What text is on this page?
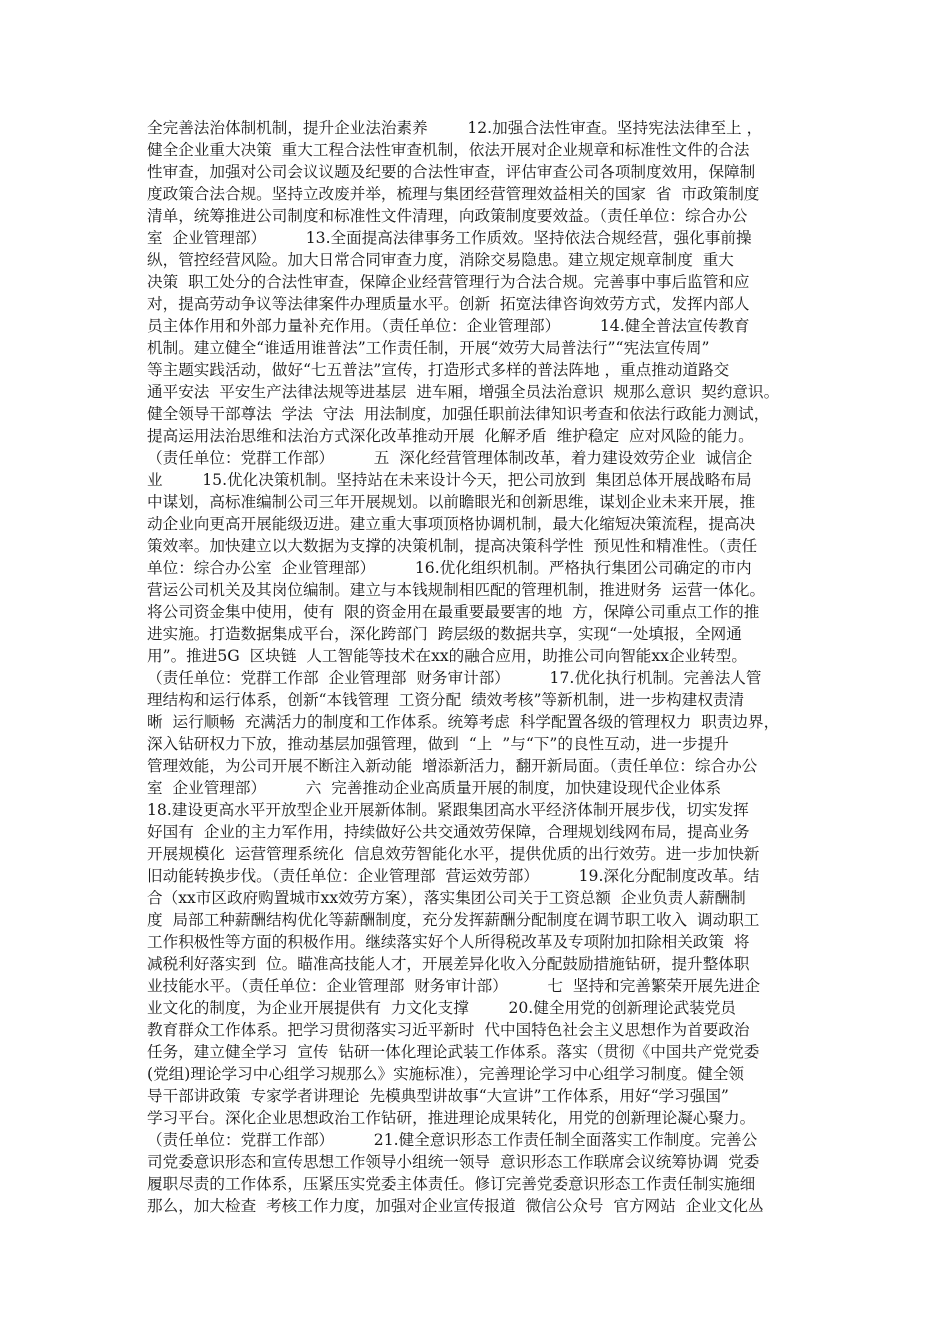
全完善法治体制机制，提升企业法治素养        12.加强合法性审查。坚持宪法法律至上 ，
健全企业重大决策  重大工程合法性审查机制，依法开展对企业规章和标准性文件的合法
性审查，加强对公司会议议题及纪要的合法性审查，评估审查公司各项制度效用，保障制
度政策合法合规。坚持立改废并举，梳理与集团经营管理效益相关的国家  省  市政策制度
清单，统筹推进公司制度和标准性文件清理，向政策制度要效益。（责任单位：综合办公
室  企业管理部）        13.全面提高法律事务工作质效。坚持依法合规经营，强化事前操
纵，管控经营风险。加大日常合同审查力度，消除交易隐患。建立规定规章制度  重大
决策  职工处分的合法性审查，保障企业经营管理行为合法合规。完善事中事后监管和应
对，提高劳动争议等法律案件办理质量水平。创新  拓宽法律咨询效劳方式，发挥内部人
员主体作用和外部力量补充作用。（责任单位：企业管理部）        14.健全普法宣传教育
机制。建立健全“谁适用谁普法”工作责任制，开展“效劳大局普法行”“宪法宣传周”
等主题实践活动，做好“七五普法”宣传，打造形式多样的普法阵地 ，重点推动道路交
通平安法  平安生产法律法规等进基层  进车厢，增强全员法治意识  规那么意识  契约意识。
健全领导干部尊法  学法  守法  用法制度，加强任职前法律知识考查和依法行政能力测试，
提高运用法治思维和法治方式深化改革推动开展  化解矛盾  维护稳定  应对风险的能力。
（责任单位：党群工作部）        五  深化经营管理体制改革，着力建设效劳企业  诚信企
业        15.优化决策机制。坚持站在未来设计今天，把公司放到  集团总体开展战略布局
中谋划，高标准编制公司三年开展规划。以前瞻眼光和创新思维，谋划企业未来开展，推
动企业向更高开展能级迈进。建立重大事项顶格协调机制，最大化缩短决策流程，提高决
策效率。加快建立以大数据为支撑的决策机制，提高决策科学性  预见性和精准性。（责任
单位：综合办公室  企业管理部）        16.优化组织机制。严格执行集团公司确定的市内
营运公司机关及其岗位编制。建立与本钱规制相匹配的管理机制，推进财务  运营一体化。
将公司资金集中使用，使有  限的资金用在最重要最要害的地  方，保障公司重点工作的推
进实施。打造数据集成平台，深化跨部门  跨层级的数据共享，实现“一处填报，全网通
用”。推进5G  区块链  人工智能等技术在xx的融合应用，助推公司向智能xx企业转型。
（责任单位：党群工作部  企业管理部  财务审计部）        17.优化执行机制。完善法人管
理结构和运行体系，创新“本钱管理  工资分配  绩效考核”等新机制，进一步构建权责清
晰  运行顺畅  充满活力的制度和工作体系。统筹考虑  科学配置各级的管理权力  职责边界，
深入钻研权力下放，推动基层加强管理，做到  “上  ”与“下”的良性互动，进一步提升
管理效能，为公司开展不断注入新动能  增添新活力，翻开新局面。（责任单位：综合办公
室  企业管理部）        六  完善推动企业高质量开展的制度，加快建设现代企业体系
18.建设更高水平开放型企业开展新体制。紧跟集团高水平经济体制开展步伐，切实发挥
好国有  企业的主力军作用，持续做好公共交通效劳保障，合理规划线网布局，提高业务
开展规模化  运营管理系统化  信息效劳智能化水平，提供优质的出行效劳。进一步加快新
旧动能转换步伐。（责任单位：企业管理部  营运效劳部）        19.深化分配制度改革。结
合（xx市区政府购置城市xx效劳方案），落实集团公司关于工资总额  企业负责人薪酬制
度  局部工种薪酬结构优化等薪酬制度，充分发挥薪酬分配制度在调节职工收入  调动职工
工作积极性等方面的积极作用。继续落实好个人所得税改革及专项附加扣除相关政策  将
减税利好落实到  位。瞄准高技能人才，开展差异化收入分配鼓励措施钻研，提升整体职
业技能水平。（责任单位：企业管理部  财务审计部）        七  坚持和完善繁荣开展先进企
业文化的制度，为企业开展提供有  力文化支撑        20.健全用党的创新理论武装党员
教育群众工作体系。把学习贯彻落实习近平新时  代中国特色社会主义思想作为首要政治
任务，建立健全学习  宣传  钻研一体化理论武装工作体系。落实（贯彻《中国共产党党委
(党组)理论学习中心组学习规那么》实施标准），完善理论学习中心组学习制度。健全领
导干部讲政策  专家学者讲理论  先模典型讲故事“大宣讲”工作体系，用好“学习强国”
学习平台。深化企业思想政治工作钻研，推进理论成果转化，用党的创新理论凝心聚力。
（责任单位：党群工作部）        21.健全意识形态工作责任制全面落实工作制度。完善公
司党委意识形态和宣传思想工作领导小组统一领导  意识形态工作联席会议统筹协调  党委
履职尽责的工作体系，压紧压实党委主体责任。修订完善党委意识形态工作责任制实施细
那么，加大检查  考核工作力度，加强对企业宣传报道  微信公众号  官方网站  企业文化丛
